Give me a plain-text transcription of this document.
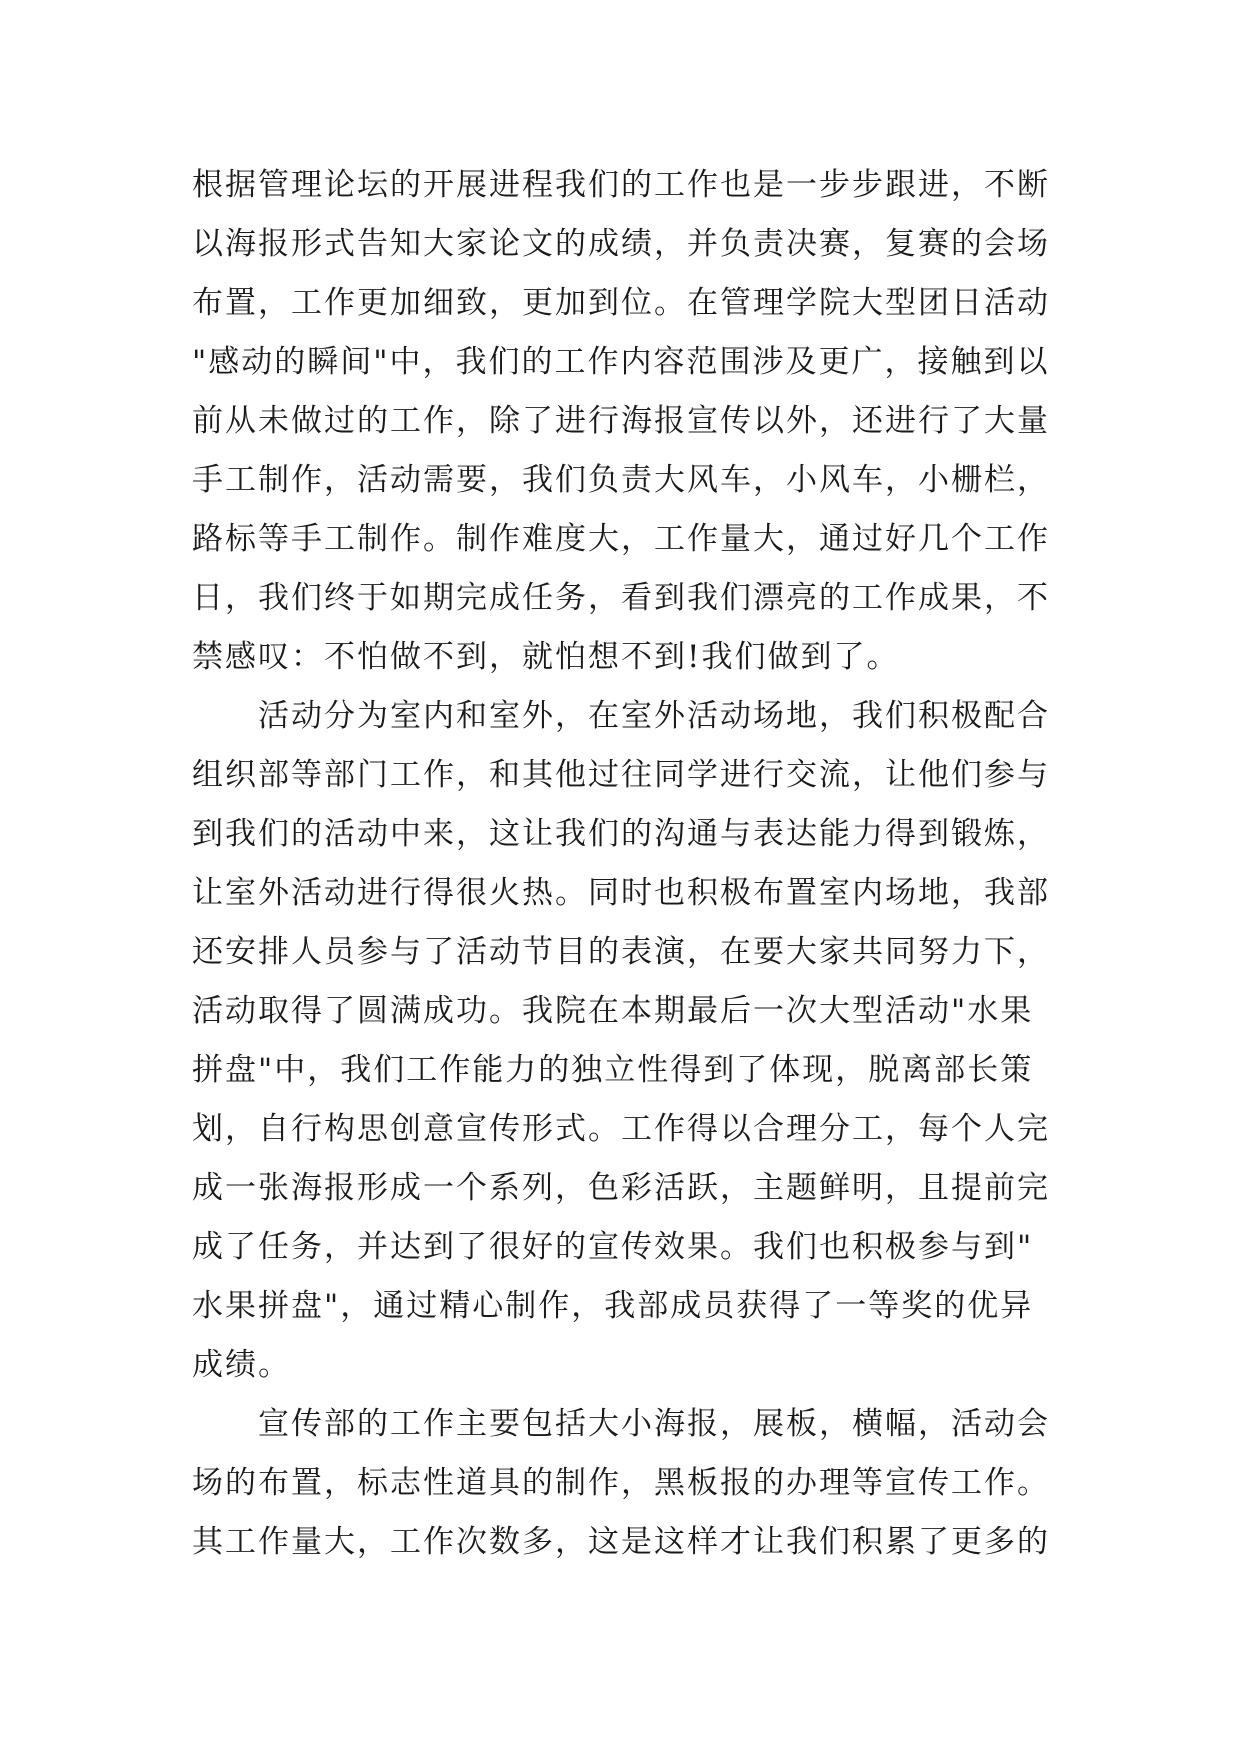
根据管理论坛的开展进程我们的工作也是一步步跟进，不断
以海报形式告知大家论文的成绩，并负责决赛，复赛的会场
布置，工作更加细致，更加到位。在管理学院大型团日活动
"感动的瞬间"中，我们的工作内容范围涉及更广，接触到以
前从未做过的工作，除了进行海报宣传以外，还进行了大量
手工制作，活动需要，我们负责大风车，小风车，小栅栏，
路标等手工制作。制作难度大，工作量大，通过好几个工作
日，我们终于如期完成任务，看到我们漂亮的工作成果，不
禁感叹：不怕做不到，就怕想不到!我们做到了。
活动分为室内和室外，在室外活动场地，我们积极配合
组织部等部门工作，和其他过往同学进行交流，让他们参与
到我们的活动中来，这让我们的沟通与表达能力得到锻炼，
让室外活动进行得很火热。同时也积极布置室内场地，我部
还安排人员参与了活动节目的表演，在要大家共同努力下，
活动取得了圆满成功。我院在本期最后一次大型活动"水果
拼盘"中，我们工作能力的独立性得到了体现，脱离部长策
划，自行构思创意宣传形式。工作得以合理分工，每个人完
成一张海报形成一个系列，色彩活跃，主题鲜明，且提前完
成了任务，并达到了很好的宣传效果。我们也积极参与到"
水果拼盘"，通过精心制作，我部成员获得了一等奖的优异
成绩。
宣传部的工作主要包括大小海报，展板，横幅，活动会
场的布置，标志性道具的制作，黑板报的办理等宣传工作。
其工作量大，工作次数多，这是这样才让我们积累了更多的
